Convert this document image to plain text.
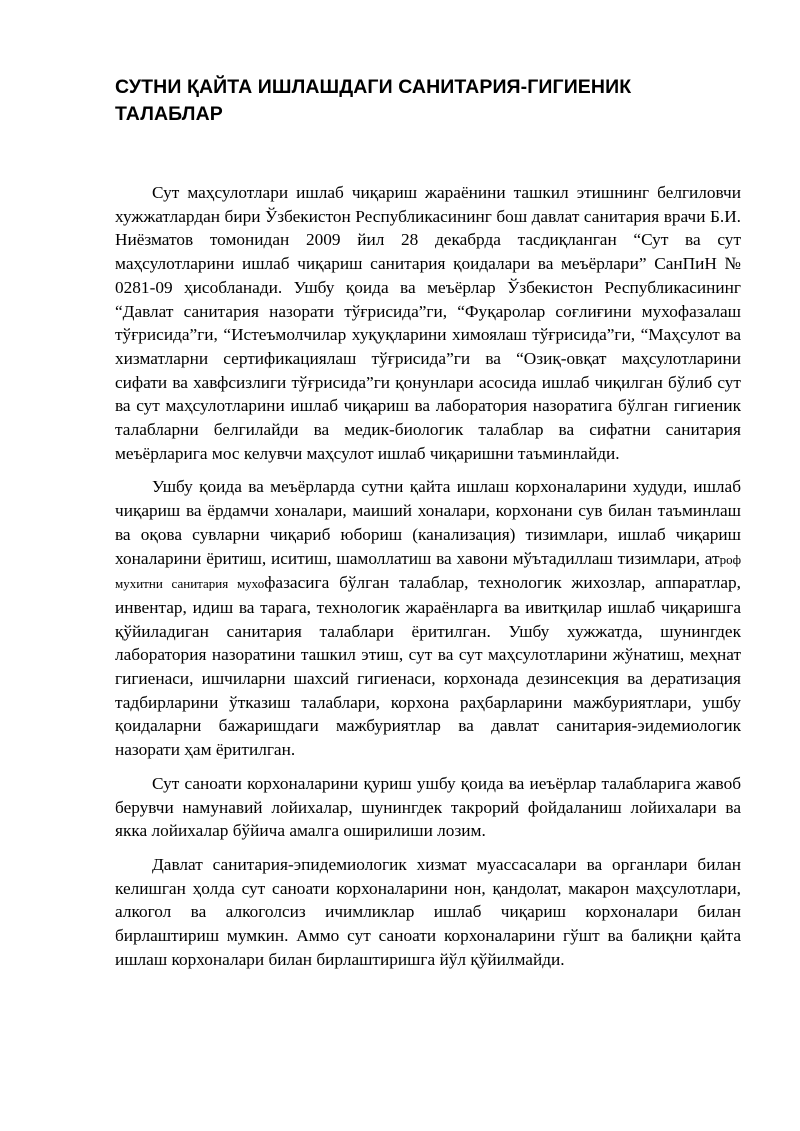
СУТНИ ҚАЙТА ИШЛАШДАГИ САНИТАРИЯ-ГИГИЕНИК ТАЛАБЛАР

Сут маҳсулотлари ишлаб чиқариш жараёнини ташкил этишнинг белгиловчи хужжатлардан бири Ўзбекистон Республикасининг бош давлат санитария врачи Б.И. Ниёзматов томонидан 2009 йил 28 декабрда тасдиқланган “Сут ва сут маҳсулотларини ишлаб чиқариш санитария қоидалари ва меъёрлари” СанПиН № 0281-09 ҳисобланади. Ушбу қоида ва меъёрлар Ўзбекистон Республикасининг “Давлат санитария назорати тўғрисида”ги, “Фуқаролар соғлиғини мухофазалаш тўғрисида”ги, “Истеъмолчилар хуқуқларини химоялаш тўғрисида”ги, “Маҳсулот ва хизматларни сертификациялаш тўғрисида”ги ва “Озиқ-овқат маҳсулотларини сифати ва хавфсизлиги тўғрисида”ги қонунлари асосида ишлаб чиқилган бўлиб сут ва сут маҳсулотларини ишлаб чиқариш ва лаборатория назоратига бўлган гигиеник талабларни белгилайди ва медик-биологик талаблар ва сифатни санитария меъёрларига мос келувчи маҳсулот ишлаб чиқаришни таъминлайди.

Ушбу қоида ва меъёрларда сутни қайта ишлаш корхоналарини худуди, ишлаб чиқариш ва ёрдамчи хоналари, маиший хоналари, корхонани сув билан таъминлаш ва оқова сувларни чиқариб юбориш (канализация) тизимлари, ишлаб чиқариш хоналарини ёритиш, иситиш, шамоллатиш ва хавони мўътадиллаш тизимлари, атроф мухитни санитария мухофазасига бўлган талаблар, технологик жихозлар, аппаратлар, инвентар, идиш ва тарага, технологик жараёнларга ва ивитқилар ишлаб чиқаришга қўйиладиган санитария талаблари ёритилган. Ушбу хужжатда, шунингдек лаборатория назоратини ташкил этиш, сут ва сут маҳсулотларини жўнатиш, меҳнат гигиенаси, ишчиларни шахсий гигиенаси, корхонада дезинсекция ва дератизация тадбирларини ўтказиш талаблари, корхона раҳбарларини мажбуриятлари, ушбу қоидаларни бажаришдаги мажбуриятлар ва давлат санитария-эидемиологик назорати ҳам ёритилган.

Сут саноати корхоналарини қуриш ушбу қоида ва иеъёрлар талабларига жавоб берувчи намунавий лойихалар, шунингдек такрорий фойдаланиш лойихалари ва якка лойихалар бўйича амалга оширилиши лозим.

Давлат санитария-эпидемиологик хизмат муассасалари ва органлари билан келишган ҳолда сут саноати корхоналарини нон, қандолат, макарон маҳсулотлари, алкогол ва алкоголсиз ичимликлар ишлаб чиқариш корхоналари билан бирлаштириш мумкин. Аммо сут саноати корхоналарини гўшт ва балиқни қайта ишлаш корхоналари билан бирлаштиришга йўл қўйилмайди.
